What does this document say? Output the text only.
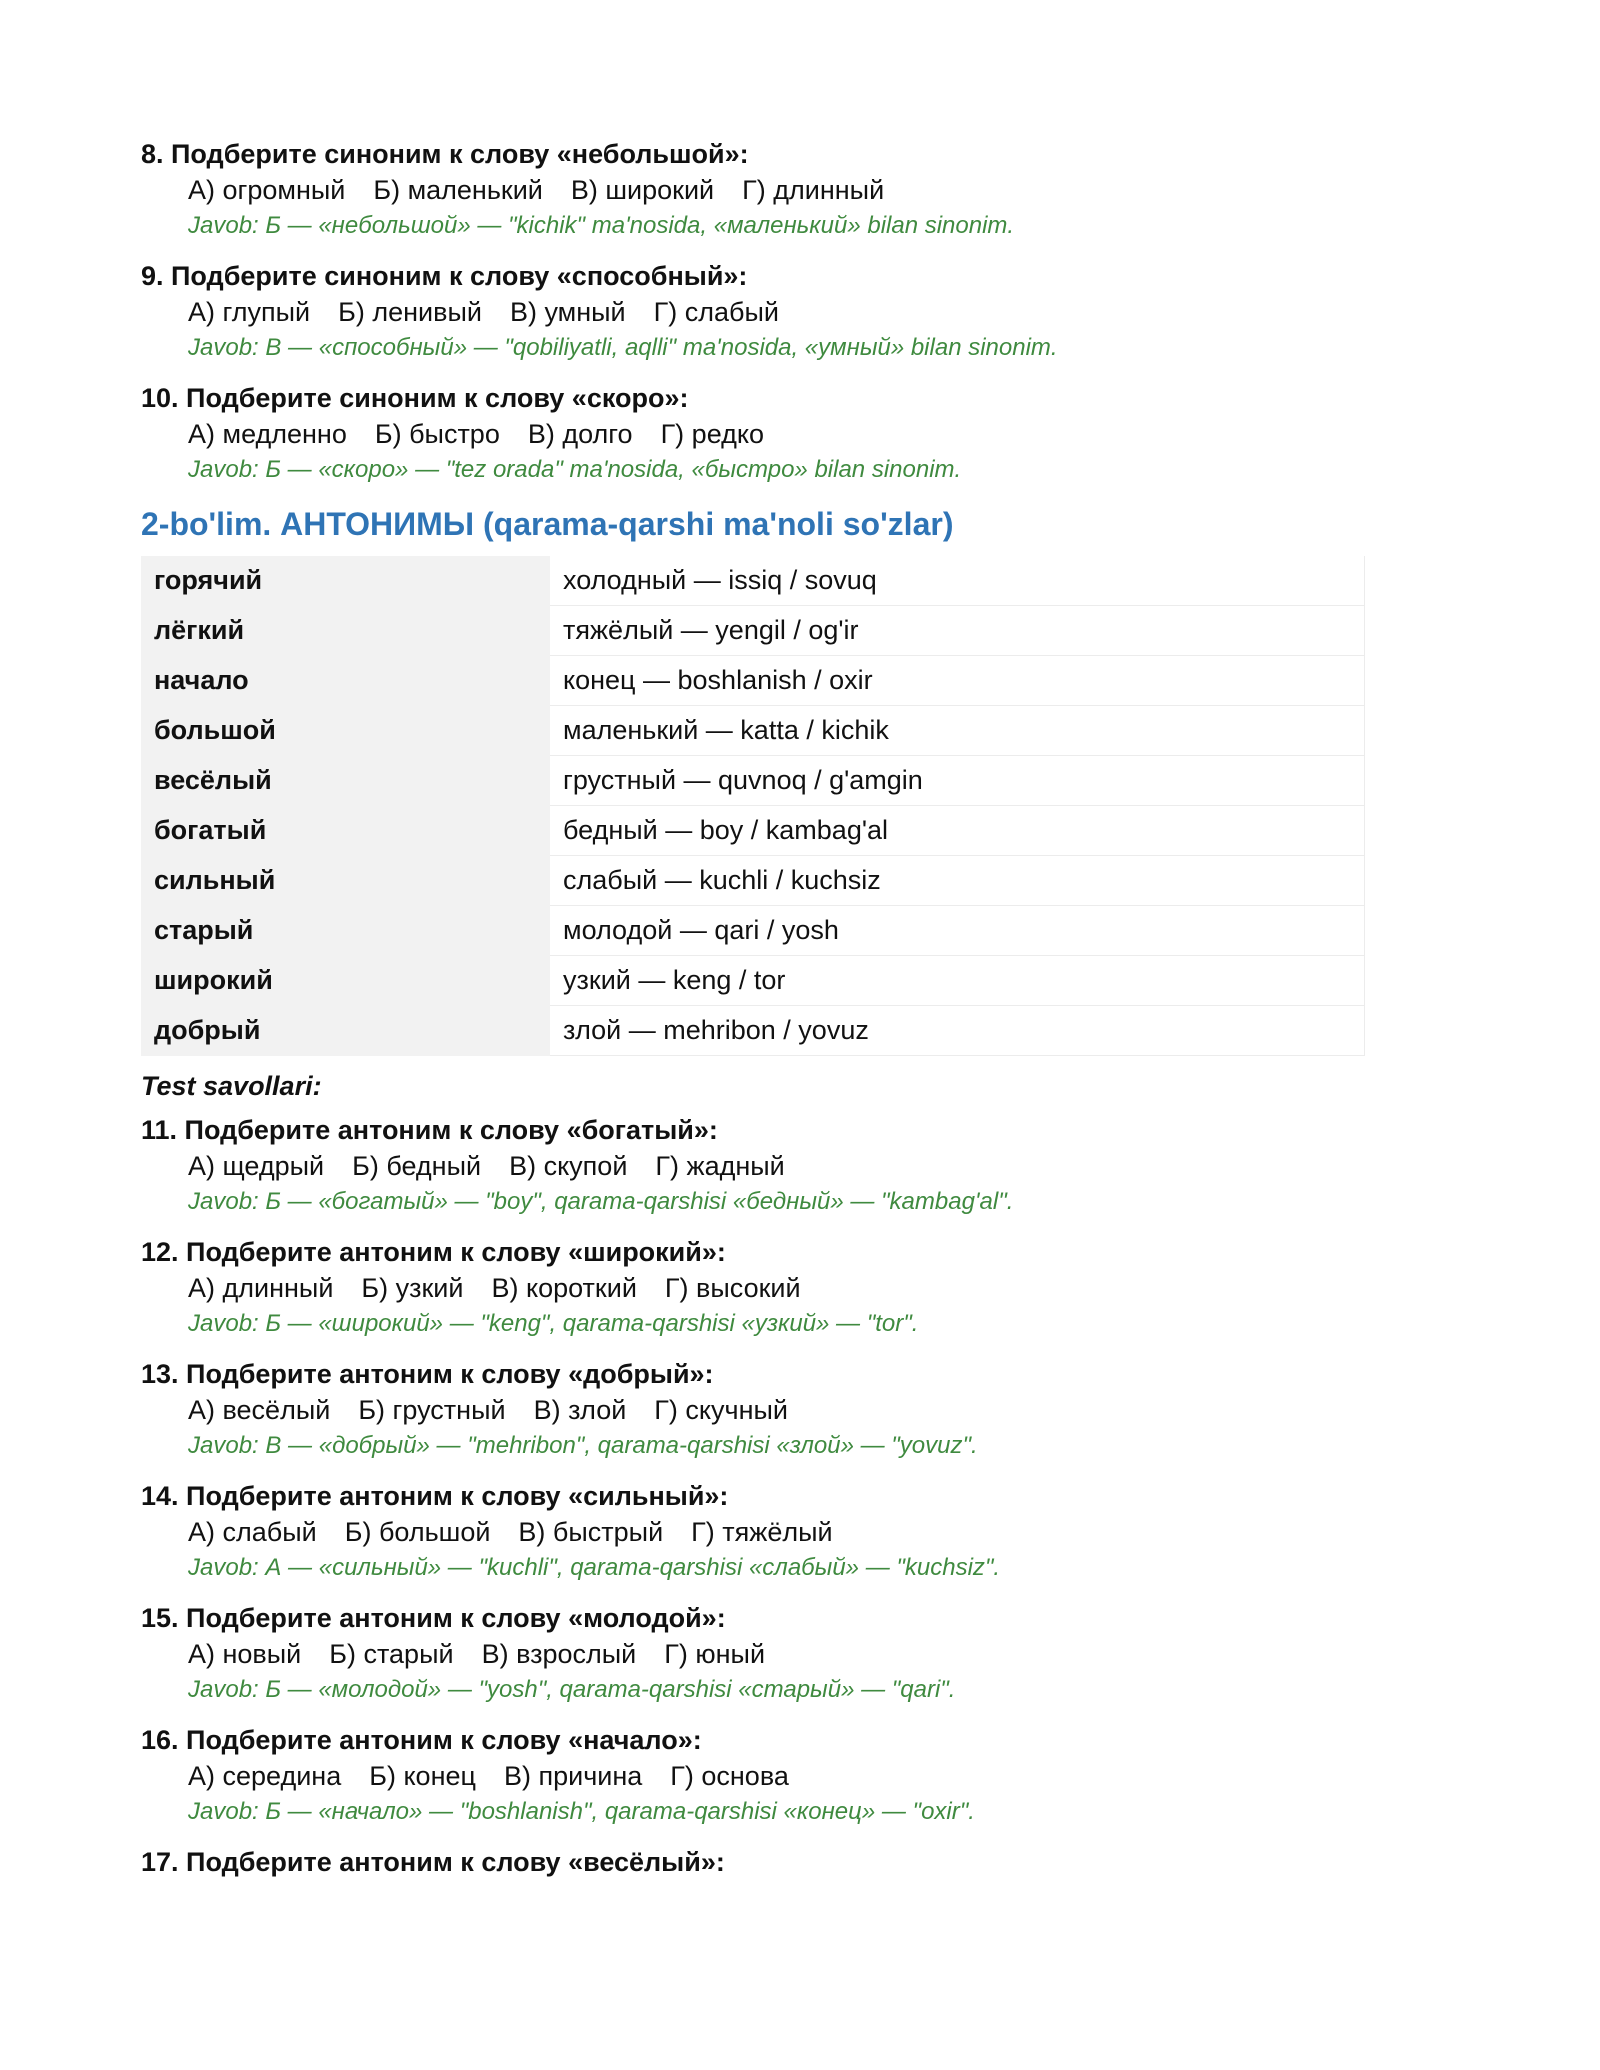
8. Подберите синоним к слову «небольшой»:
А) огромный Б) маленький В) широкий Г) длинный
Javob: Б — «небольшой» — "kichik" ma'nosida, «маленький» bilan sinonim.
9. Подберите синоним к слову «способный»:
А) глупый Б) ленивый В) умный Г) слабый
Javob: В — «способный» — "qobiliyatli, aqlli" ma'nosida, «умный» bilan sinonim.
10. Подберите синоним к слову «скоро»:
А) медленно Б) быстро В) долго Г) редко
Javob: Б — «скоро» — "tez orada" ma'nosida, «быстро» bilan sinonim.
2-bo'lim. АНТОНИМЫ (qarama-qarshi ma'noli so'zlar)
горячий	холодный — issiq / sovuq
лёгкий	тяжёлый — yengil / og'ir
начало	конец — boshlanish / oxir
большой	маленький — katta / kichik
весёлый	грустный — quvnoq / g'amgin
богатый	бедный — boy / kambag'al
сильный	слабый — kuchli / kuchsiz
старый	молодой — qari / yosh
широкий	узкий — keng / tor
добрый	злой — mehribon / yovuz
Test savollari:
11. Подберите антоним к слову «богатый»:
А) щедрый Б) бедный В) скупой Г) жадный
Javob: Б — «богатый» — "boy", qarama-qarshisi «бедный» — "kambag'al".
12. Подберите антоним к слову «широкий»:
А) длинный Б) узкий В) короткий Г) высокий
Javob: Б — «широкий» — "keng", qarama-qarshisi «узкий» — "tor".
13. Подберите антоним к слову «добрый»:
А) весёлый Б) грустный В) злой Г) скучный
Javob: В — «добрый» — "mehribon", qarama-qarshisi «злой» — "yovuz".
14. Подберите антоним к слову «сильный»:
А) слабый Б) большой В) быстрый Г) тяжёлый
Javob: А — «сильный» — "kuchli", qarama-qarshisi «слабый» — "kuchsiz".
15. Подберите антоним к слову «молодой»:
А) новый Б) старый В) взрослый Г) юный
Javob: Б — «молодой» — "yosh", qarama-qarshisi «старый» — "qari".
16. Подберите антоним к слову «начало»:
А) середина Б) конец В) причина Г) основа
Javob: Б — «начало» — "boshlanish", qarama-qarshisi «конец» — "oxir".
17. Подберите антоним к слову «весёлый»:
